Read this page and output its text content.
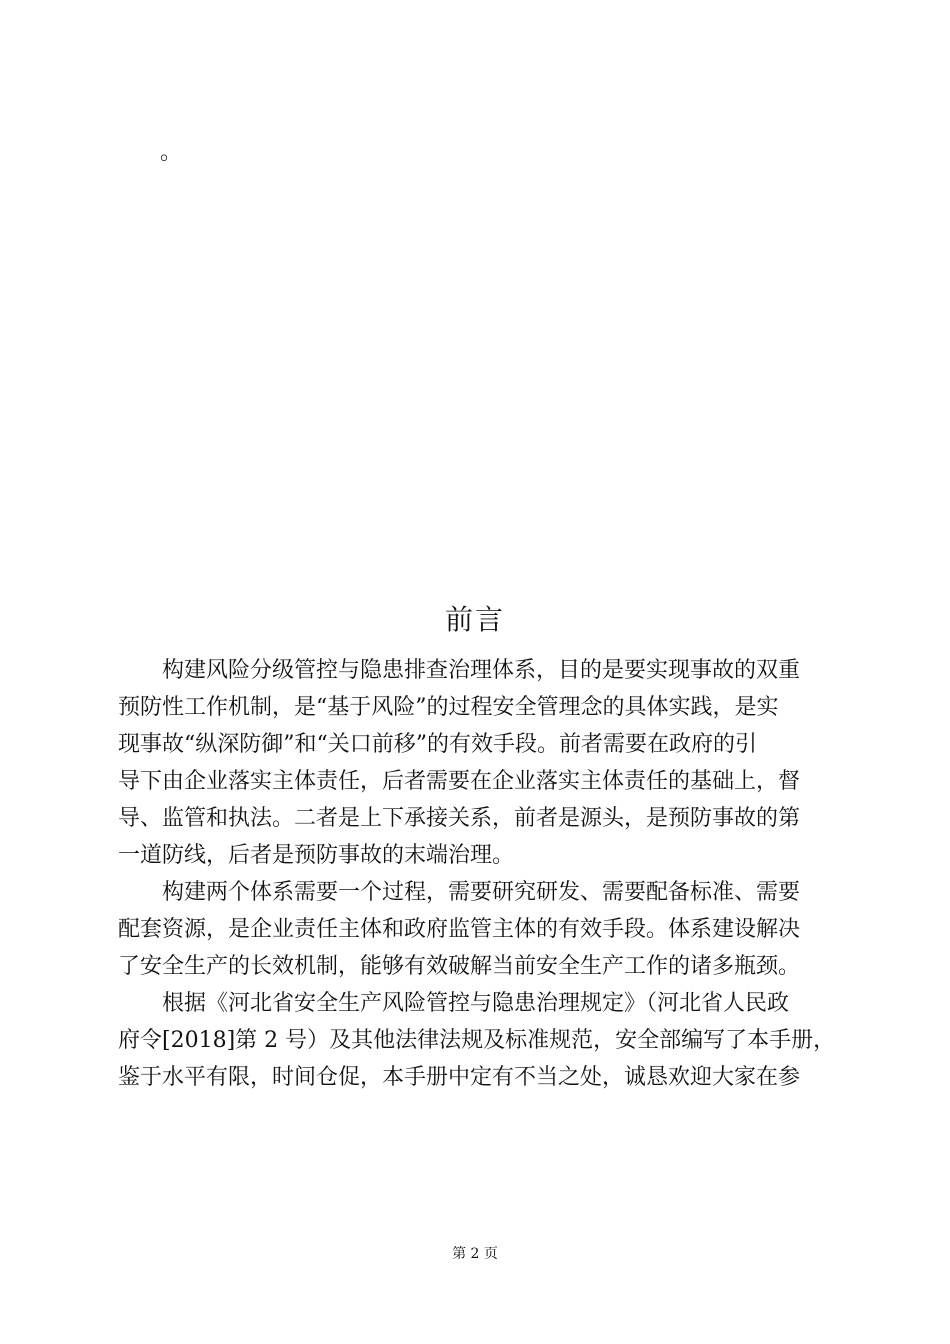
。
前言
构建风险分级管控与隐患排查治理体系，目的是要实现事故的双重
预防性工作机制，是“基于风险”的过程安全管理念的具体实践，是实
现事故“纵深防御”和“关口前移”的有效手段。前者需要在政府的引
导下由企业落实主体责任，后者需要在企业落实主体责任的基础上，督
导、监管和执法。二者是上下承接关系，前者是源头，是预防事故的第
一道防线，后者是预防事故的末端治理。
构建两个体系需要一个过程，需要研究研发、需要配备标准、需要
配套资源，是企业责任主体和政府监管主体的有效手段。体系建设解决
了安全生产的长效机制，能够有效破解当前安全生产工作的诸多瓶颈。
根据《河北省安全生产风险管控与隐患治理规定》（河北省人民政
府令[2018]第 2 号）及其他法律法规及标准规范，安全部编写了本手册，
鉴于水平有限，时间仓促，本手册中定有不当之处，诚恳欢迎大家在参
第 2 页
